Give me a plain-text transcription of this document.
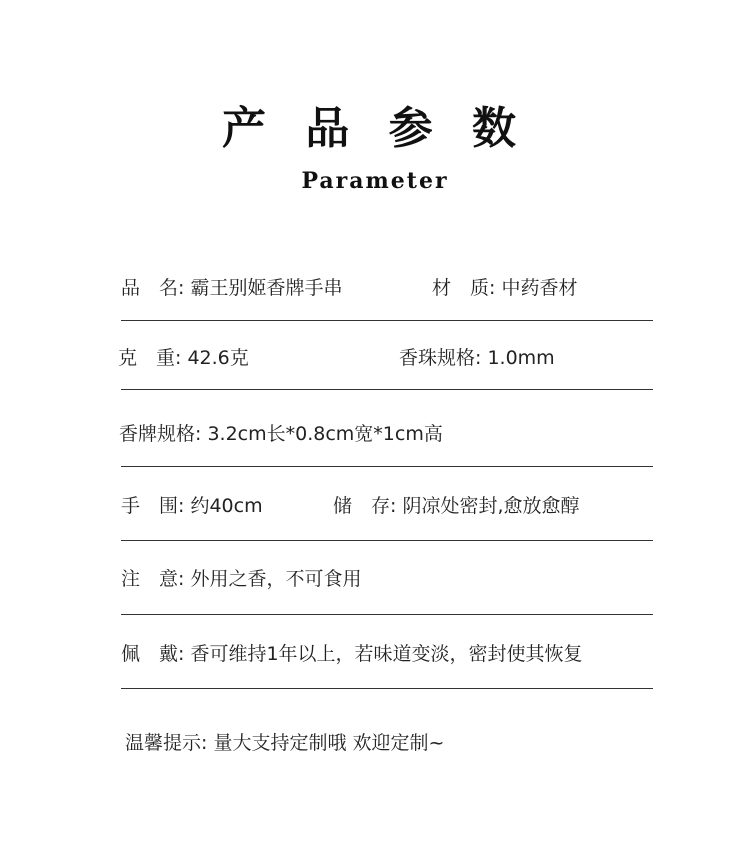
产 品 参 数
Parameter
品　名: 霸王别姬香牌手串	材　质: 中药香材
克　重: 42.6克	香珠规格: 1.0mm
香牌规格: 3.2cm长*0.8cm宽*1cm高
手　围: 约40cm	储　存: 阴凉处密封,愈放愈醇
注　意: 外用之香，不可食用
佩　戴: 香可维持1年以上，若味道变淡，密封使其恢复
温馨提示: 量大支持定制哦 欢迎定制~
